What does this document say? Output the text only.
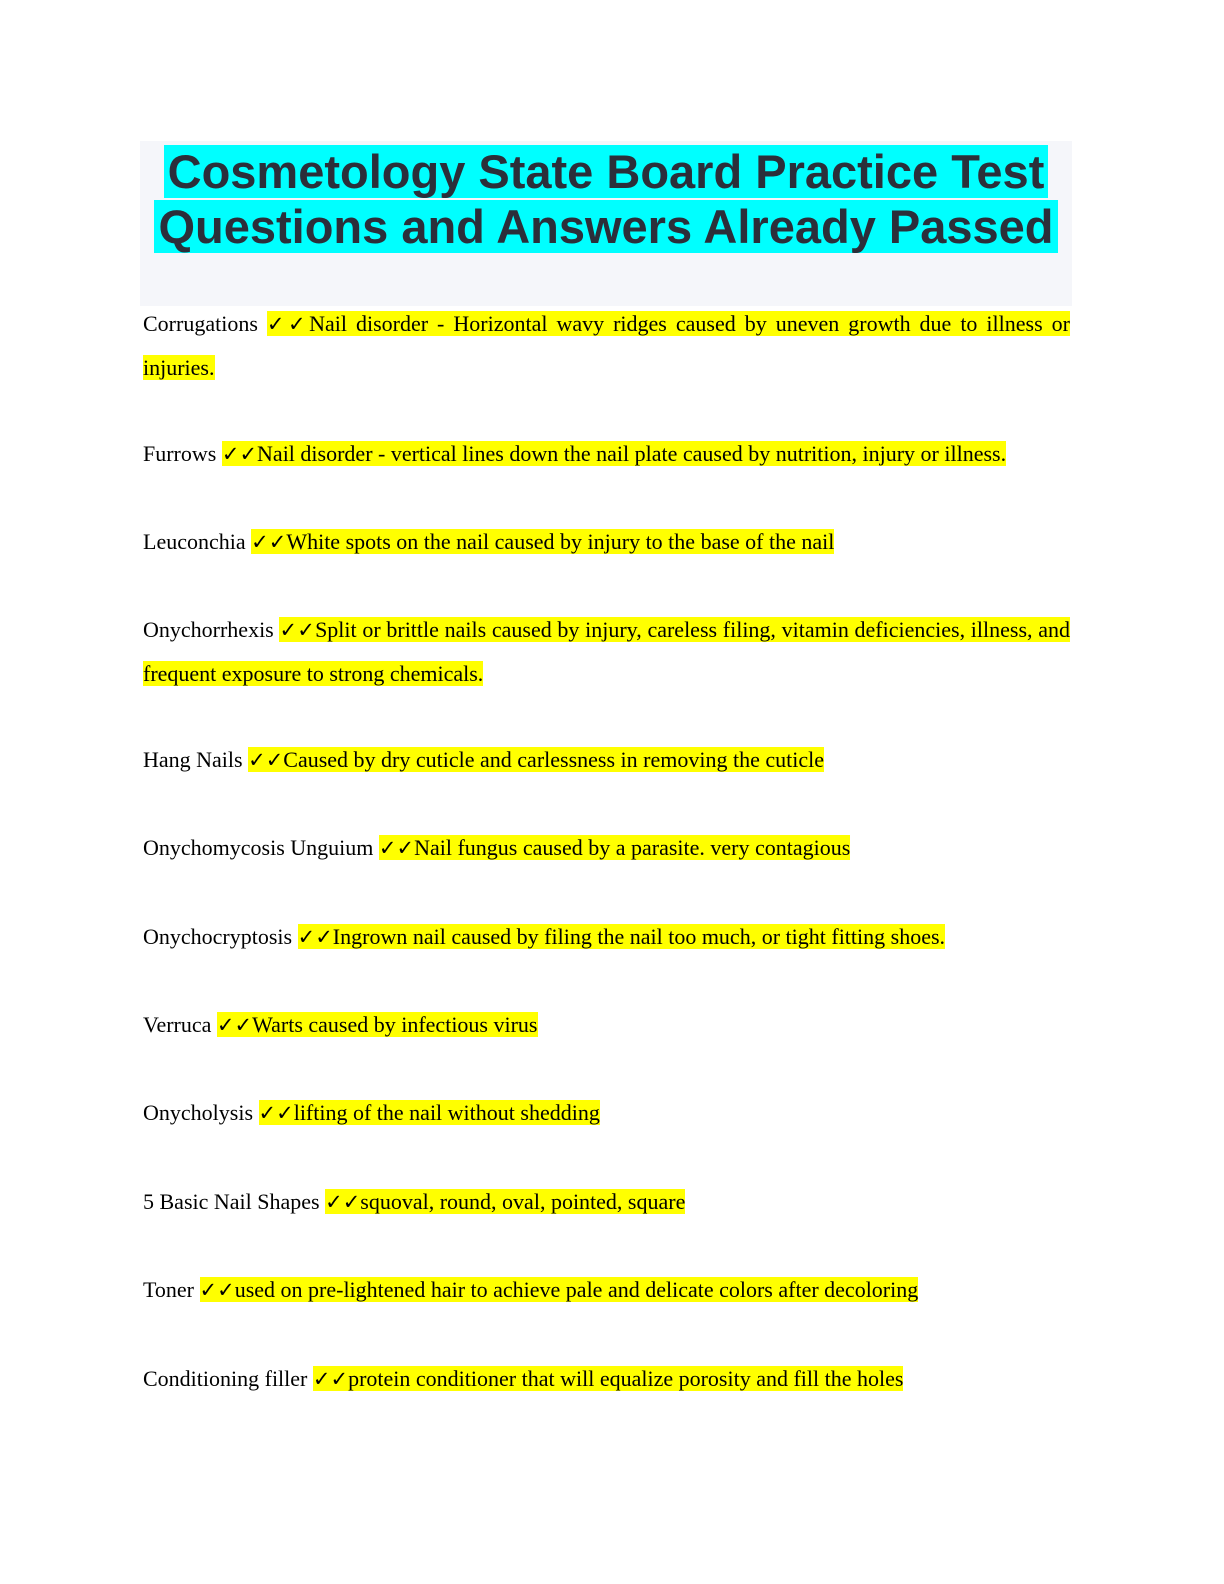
Cosmetology State Board Practice Test
Questions and Answers Already Passed
Corrugations ✓✓Nail disorder - Horizontal wavy ridges caused by uneven growth due to illness or injuries.
Furrows ✓✓Nail disorder - vertical lines down the nail plate caused by nutrition, injury or illness.
Leuconchia ✓✓White spots on the nail caused by injury to the base of the nail
Onychorrhexis ✓✓Split or brittle nails caused by injury, careless filing, vitamin deficiencies, illness, and frequent exposure to strong chemicals.
Hang Nails ✓✓Caused by dry cuticle and carlessness in removing the cuticle
Onychomycosis Unguium ✓✓Nail fungus caused by a parasite. very contagious
Onychocryptosis ✓✓Ingrown nail caused by filing the nail too much, or tight fitting shoes.
Verruca ✓✓Warts caused by infectious virus
Onycholysis ✓✓lifting of the nail without shedding
5 Basic Nail Shapes ✓✓squoval, round, oval, pointed, square
Toner ✓✓used on pre-lightened hair to achieve pale and delicate colors after decoloring
Conditioning filler ✓✓protein conditioner that will equalize porosity and fill the holes
